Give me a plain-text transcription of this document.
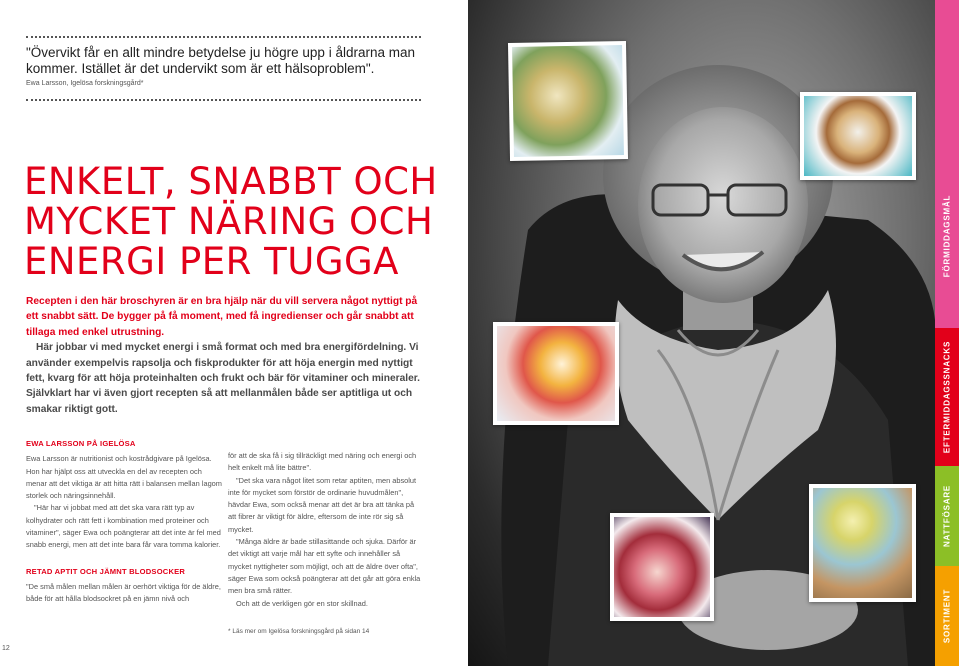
"Övervikt får en allt mindre betydelse ju högre upp i åldrarna man kommer. Istället är det undervikt som är ett hälsoproblem".

Ewa Larsson, Igelösa forskningsgård*
ENKELT, SNABBT OCH
MYCKET NÄRING OCH
ENERGI PER TUGGA

Recepten i den här broschyren är en bra hjälp när du vill servera något nyttigt på ett snabbt sätt. De bygger på få moment, med få ingredienser och går snabbt att tillaga med enkel utrustning.

Här jobbar vi med mycket energi i små format och med bra energifördelning. Vi använder exempelvis rapsolja och fiskprodukter för att höja energin med nyttigt fett, kvarg för att höja proteinhalten och frukt och bär för vitaminer och mineraler. Självklart har vi även gjort recepten så att mellanmålen både ser aptitliga ut och smakar riktigt gott.

EWA LARSSON PÅ IGELÖSA

Ewa Larsson är nutritionist och kostrådgivare på Igelösa. Hon har hjälpt oss att utveckla en del av recepten och menar att det viktiga är att hitta rätt i balansen mellan lagom storlek och näringsinnehåll.

"Här har vi jobbat med att det ska vara rätt typ av kolhydrater och rätt fett i kombination med proteiner och vitaminer", säger Ewa och poängterar att det inte är fel med snabb energi, men att det inte bara får vara tomma kalorier.

RETAD APTIT OCH JÄMNT BLODSOCKER

"De små målen mellan målen är oerhört viktiga för de äldre, både för att hålla blodsockret på en jämn nivå och

för att de ska få i sig tillräckligt med näring och energi och helt enkelt må lite bättre".

"Det ska vara något litet som retar aptiten, men absolut inte för mycket som förstör de ordinarie huvudmålen", hävdar Ewa, som också menar att det är bra att tänka på att fibrer är viktigt för äldre, eftersom de inte rör sig så mycket.

"Många äldre är bade stillasittande och sjuka. Därför är det viktigt att varje mål har ett syfte och innehåller så mycket nyttigheter som möjligt, och att de äldre över ofta", säger Ewa som också poängterar att det går att göra enkla men bra små rätter.

Och att de verkligen gör en stor skillnad.

* Läs mer om Igelösa forskningsgård på sidan 14
12
FÖRMIDDAGSMÅL
EFTERMIDDAGSSNACKS
NATTFÖSARE
SORTIMENT
